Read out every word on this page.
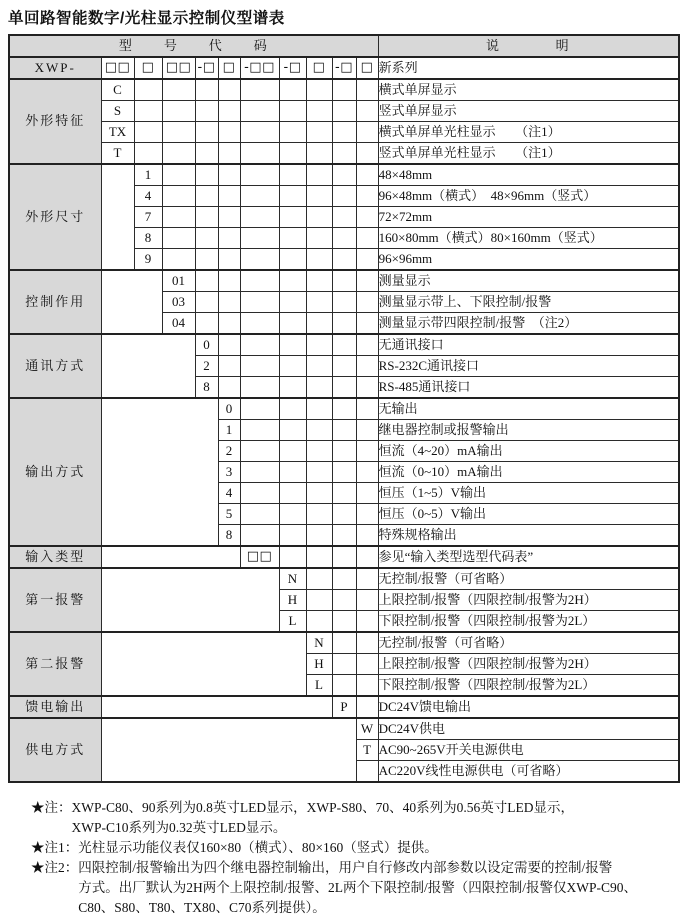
单回路智能数字/光柱显示控制仪型谱表
型 号 代 码											说 明
XWP-	□□	□	□□	-□	□	-□□	-□	□	-□	□	新系列
外形特征	C										横式单屏显示
	S										竖式单屏显示
	TX										横式单屏单光柱显示　　（注1）
	T										竖式单屏单光柱显示　　（注1）
外形尺寸		1									48×48mm
		4									96×48mm（横式）　48×96mm（竖式）
		7									72×72mm
		8									160×80mm（横式）80×160mm（竖式）
		9									96×96mm
控制作用			01								测量显示
			03								测量显示带上、下限控制/报警
			04								测量显示带四限控制/报警　（注2）
通讯方式				0							无通讯接口
				2							RS-232C通讯接口
				8							RS-485通讯接口
输出方式					0						无输出
					1						继电器控制或报警输出
					2						恒流（4~20）mA输出
					3						恒流（0~10）mA输出
					4						恒压（1~5）V输出
					5						恒压（0~5）V输出
					8						特殊规格输出
输入类型						□□					参见“输入类型选型代码表”
第一报警							N				无控制/报警（可省略）
							H				上限控制/报警（四限控制/报警为2H）
							L				下限控制/报警（四限控制/报警为2L）
第二报警								N			无控制/报警（可省略）
								H			上限控制/报警（四限控制/报警为2H）
								L			下限控制/报警（四限控制/报警为2L）
馈电输出									P		DC24V馈电输出
供电方式										W	DC24V供电
										T	AC90~265V开关电源供电
											AC220V线性电源供电（可省略）
★注： XWP-C80、90系列为0.8英寸LED显示，XWP-S80、70、40系列为0.56英寸LED显示，
XWP-C10系列为0.32英寸LED显示。
★注1： 光柱显示功能仪表仅160×80（横式）、80×160（竖式）提供。
★注2： 四限控制/报警输出为四个继电器控制输出，用户自行修改内部参数以设定需要的控制/报警
方式。出厂默认为2H两个上限控制/报警、2L两个下限控制/报警（四限控制/报警仅XWP-C90、
C80、S80、T80、TX80、C70系列提供）。
